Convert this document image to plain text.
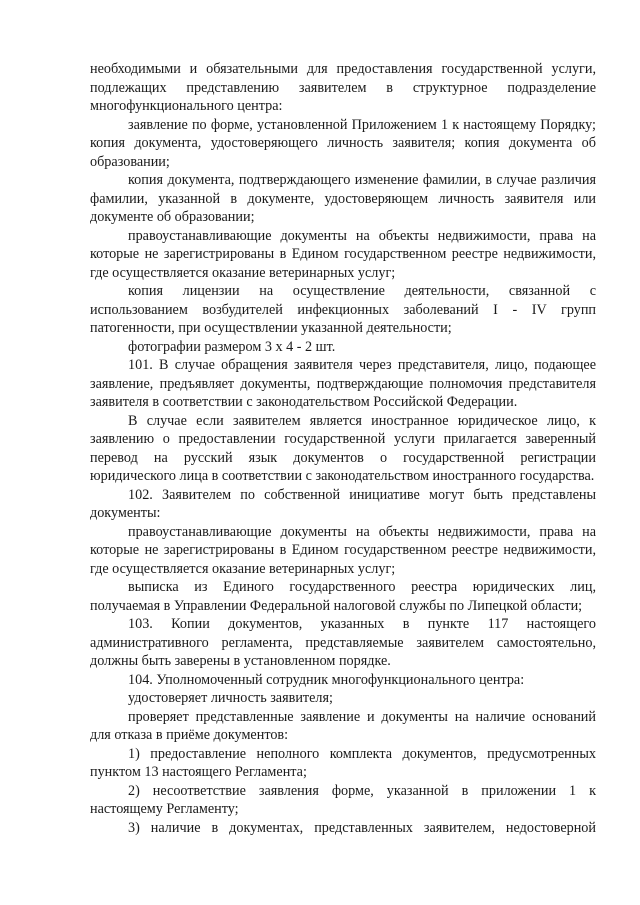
необходимыми и обязательными для предоставления государственной услуги, подлежащих представлению заявителем в структурное подразделение многофункционального центра:

заявление по форме, установленной Приложением 1 к настоящему Порядку; копия документа, удостоверяющего личность заявителя; копия документа об образовании;

копия документа, подтверждающего изменение фамилии, в случае различия фамилии, указанной в документе, удостоверяющем личность заявителя или документе об образовании;

правоустанавливающие документы на объекты недвижимости, права на которые не зарегистрированы в Едином государственном реестре недвижимости, где осуществляется оказание ветеринарных услуг;

копия лицензии на осуществление деятельности, связанной с использованием возбудителей инфекционных заболеваний I - IV групп патогенности, при осуществлении указанной деятельности;

фотографии размером 3 х 4 - 2 шт.

101. В случае обращения заявителя через представителя, лицо, подающее заявление, предъявляет документы, подтверждающие полномочия представителя заявителя в соответствии с законодательством Российской Федерации.

В случае если заявителем является иностранное юридическое лицо, к заявлению о предоставлении государственной услуги прилагается заверенный перевод на русский язык документов о государственной регистрации юридического лица в соответствии с законодательством иностранного государства.

102. Заявителем по собственной инициативе могут быть представлены документы:

правоустанавливающие документы на объекты недвижимости, права на которые не зарегистрированы в Едином государственном реестре недвижимости, где осуществляется оказание ветеринарных услуг;

выписка из Единого государственного реестра юридических лиц, получаемая в Управлении Федеральной налоговой службы по Липецкой области;

103. Копии документов, указанных в пункте 117 настоящего административного регламента, представляемые заявителем самостоятельно, должны быть заверены в установленном порядке.

104. Уполномоченный сотрудник многофункционального центра:

удостоверяет личность заявителя;

проверяет представленные заявление и документы на наличие оснований для отказа в приёме документов:

1) предоставление неполного комплекта документов, предусмотренных пунктом 13 настоящего Регламента;

2) несоответствие заявления форме, указанной в приложении 1 к настоящему Регламенту;

3) наличие в документах, представленных заявителем, недостоверной
